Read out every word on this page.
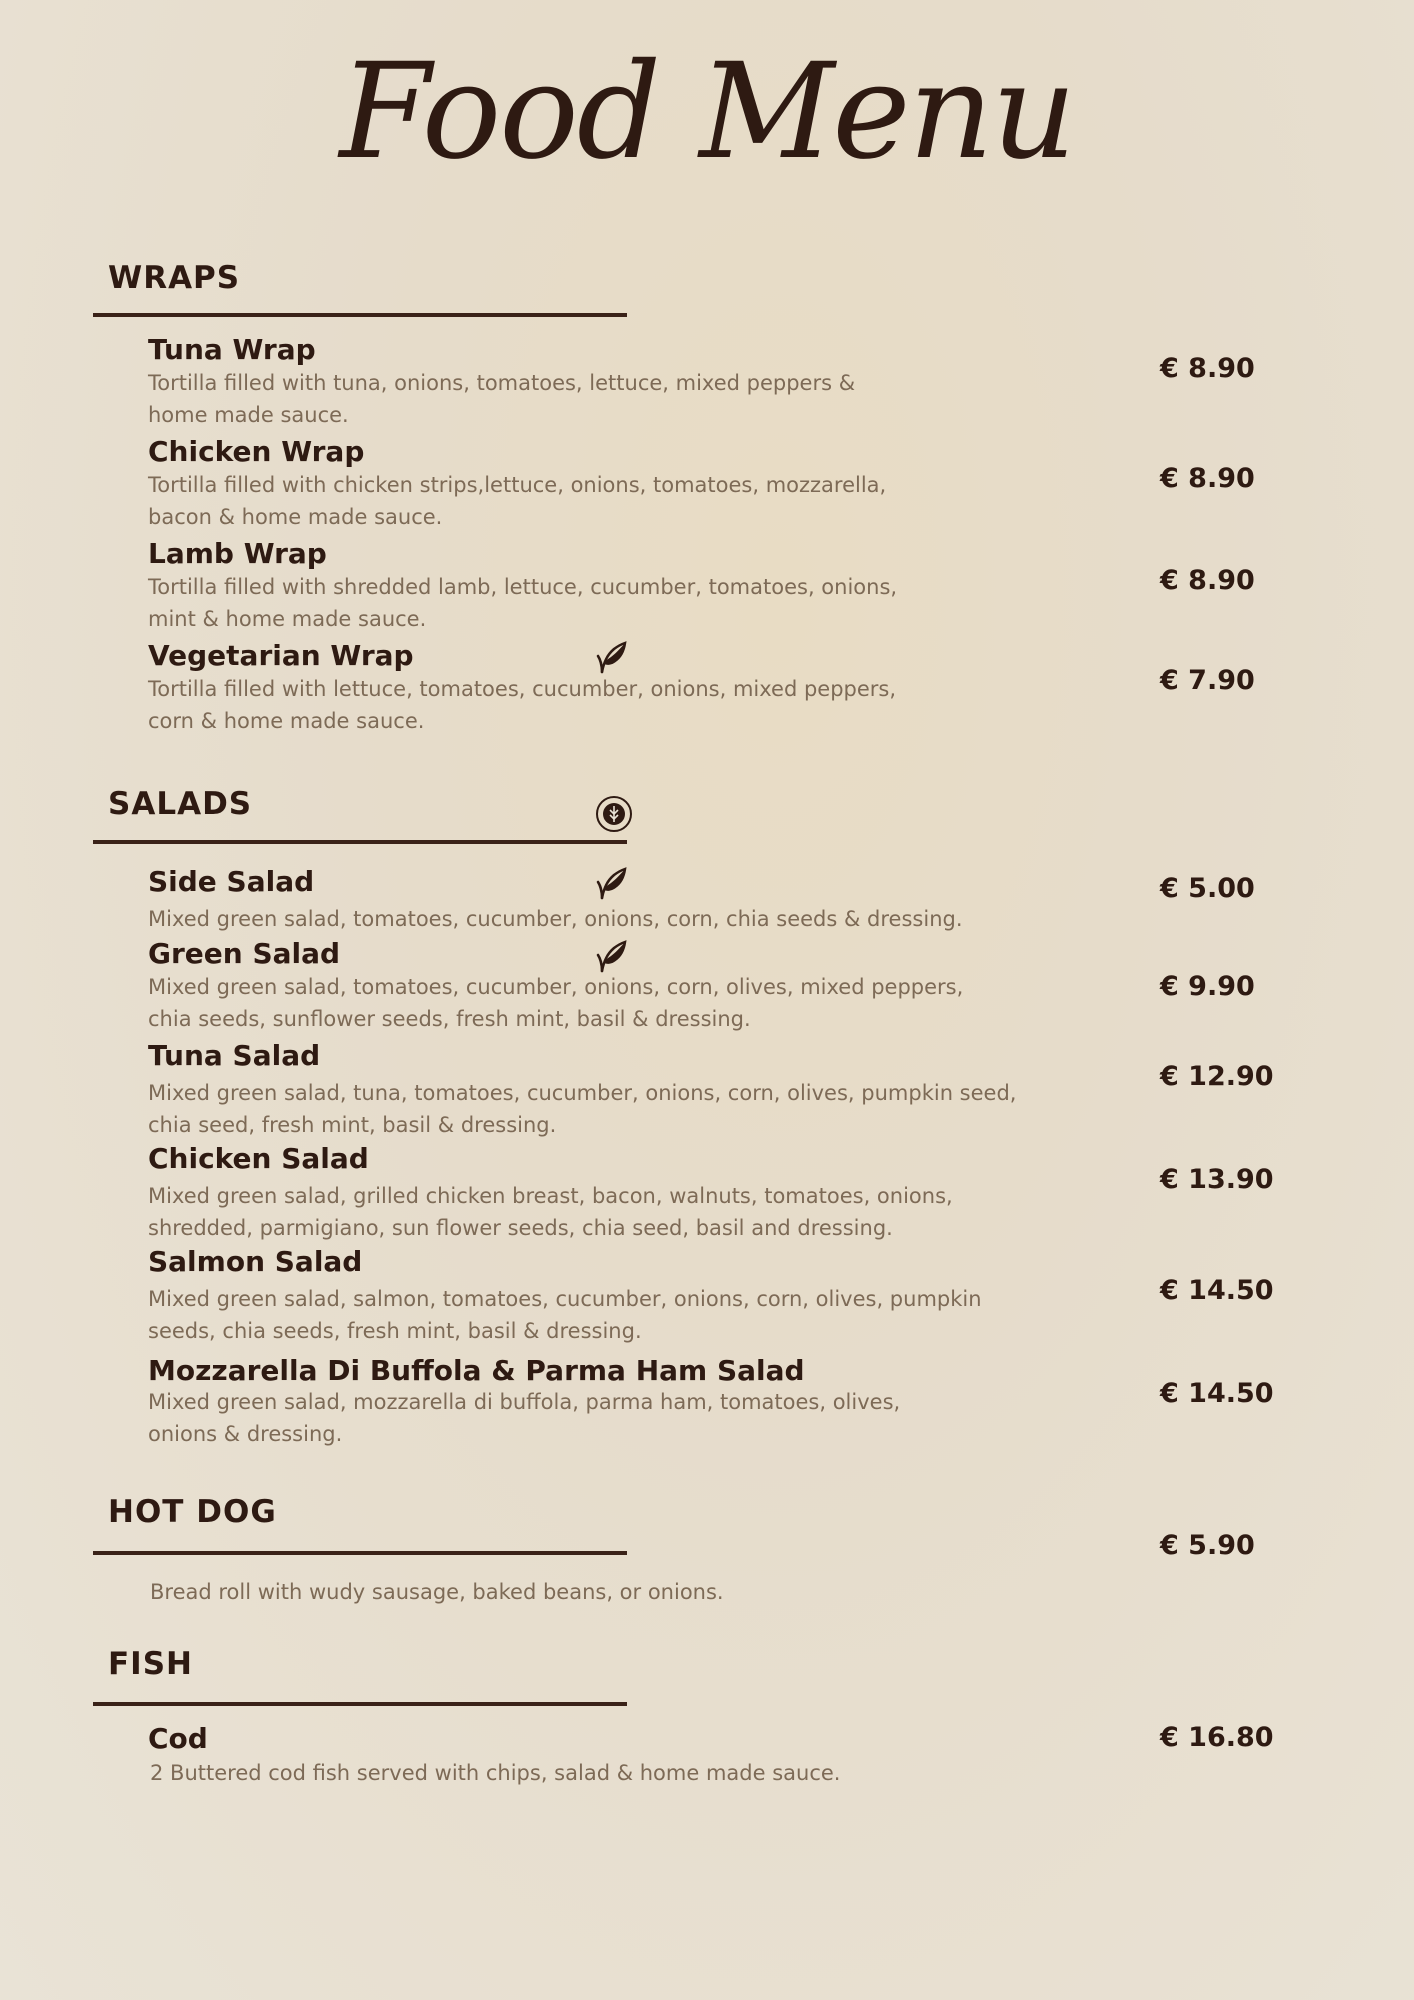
Food Menu
WRAPS
Tuna Wrap
Tortilla filled with tuna, onions, tomatoes, lettuce, mixed peppers &
home made sauce.
€ 8.90
Chicken Wrap
Tortilla filled with chicken strips,lettuce, onions, tomatoes, mozzarella,
bacon & home made sauce.
€ 8.90
Lamb Wrap
Tortilla filled with shredded lamb, lettuce, cucumber, tomatoes, onions,
mint & home made sauce.
€ 8.90
Vegetarian Wrap
Tortilla filled with lettuce, tomatoes, cucumber, onions, mixed peppers,
corn & home made sauce.
€ 7.90
SALADS
Side Salad
Mixed green salad, tomatoes, cucumber, onions, corn, chia seeds & dressing.
€ 5.00
Green Salad
Mixed green salad, tomatoes, cucumber, onions, corn, olives, mixed peppers,
chia seeds, sunflower seeds, fresh mint, basil & dressing.
€ 9.90
Tuna Salad
Mixed green salad, tuna, tomatoes, cucumber, onions, corn, olives, pumpkin seed,
chia seed, fresh mint, basil & dressing.
€ 12.90
Chicken Salad
Mixed green salad, grilled chicken breast, bacon, walnuts, tomatoes, onions,
shredded, parmigiano, sun flower seeds, chia seed, basil and dressing.
€ 13.90
Salmon Salad
Mixed green salad, salmon, tomatoes, cucumber, onions, corn, olives, pumpkin
seeds, chia seeds, fresh mint, basil & dressing.
€ 14.50
Mozzarella Di Buffola & Parma Ham Salad
Mixed green salad, mozzarella di buffola, parma ham, tomatoes, olives,
onions & dressing.
€ 14.50
HOT DOG
€ 5.90
Bread roll with wudy sausage, baked beans, or onions.
FISH
Cod
2 Buttered cod fish served with chips, salad & home made sauce.
€ 16.80
